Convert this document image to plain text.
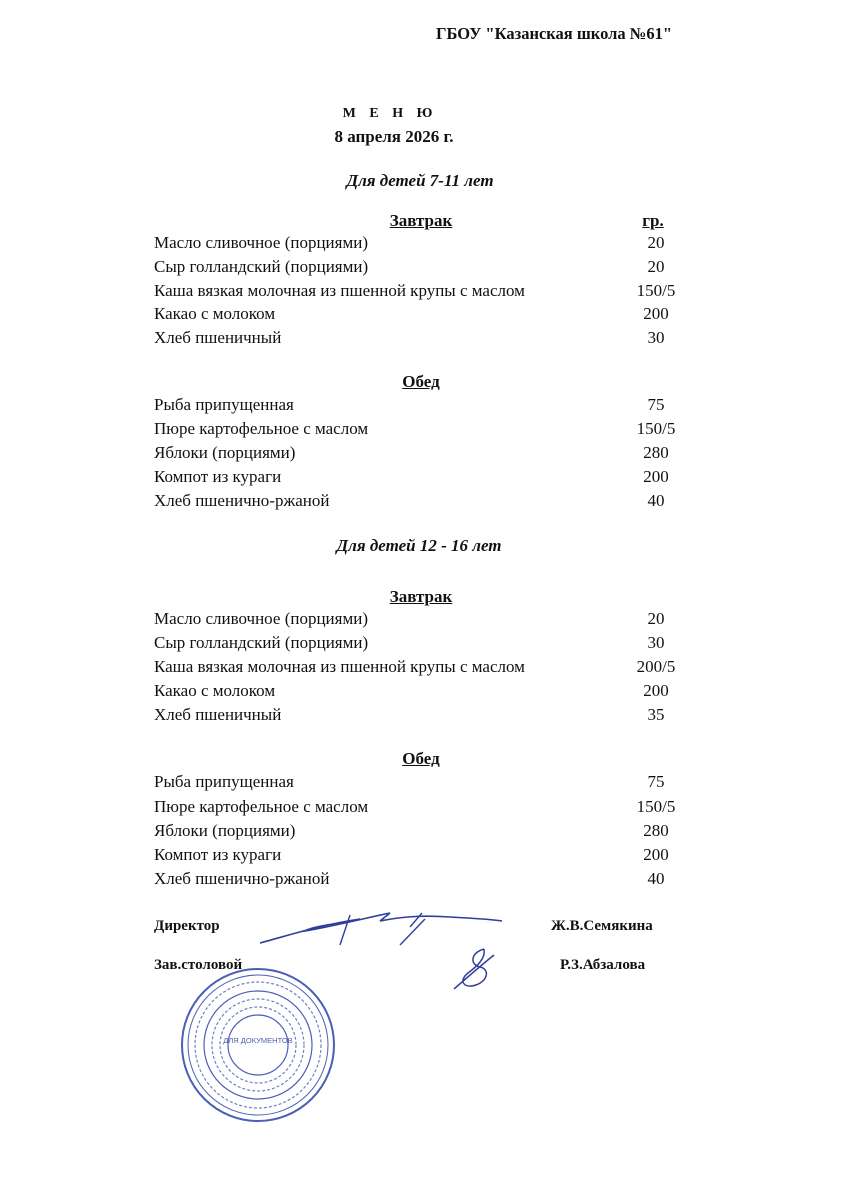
ГБОУ "Казанская школа №61"
М Е Н Ю
8 апреля 2026 г.
Для детей 7-11 лет
Завтрак	гр.
Масло сливочное (порциями)	20
Сыр голландский (порциями)	20
Каша вязкая молочная из пшенной крупы с маслом	150/5
Какао с молоком	200
Хлеб пшеничный	30
Обед
Рыба припущенная	75
Пюре картофельное с маслом	150/5
Яблоки (порциями)	280
Компот из кураги	200
Хлеб пшенично-ржаной	40
Для детей 12 - 16 лет
Завтрак
Масло сливочное (порциями)	20
Сыр голландский (порциями)	30
Каша вязкая молочная из пшенной крупы с маслом	200/5
Какао с молоком	200
Хлеб пшеничный	35
Обед
Рыба припущенная	75
Пюре картофельное с маслом	150/5
Яблоки (порциями)	280
Компот из кураги	200
Хлеб пшенично-ржаной	40
Директор	Ж.В.Семякина
Зав.столовой	Р.З.Абзалова
ДЛЯ ДОКУМЕНТОВ
